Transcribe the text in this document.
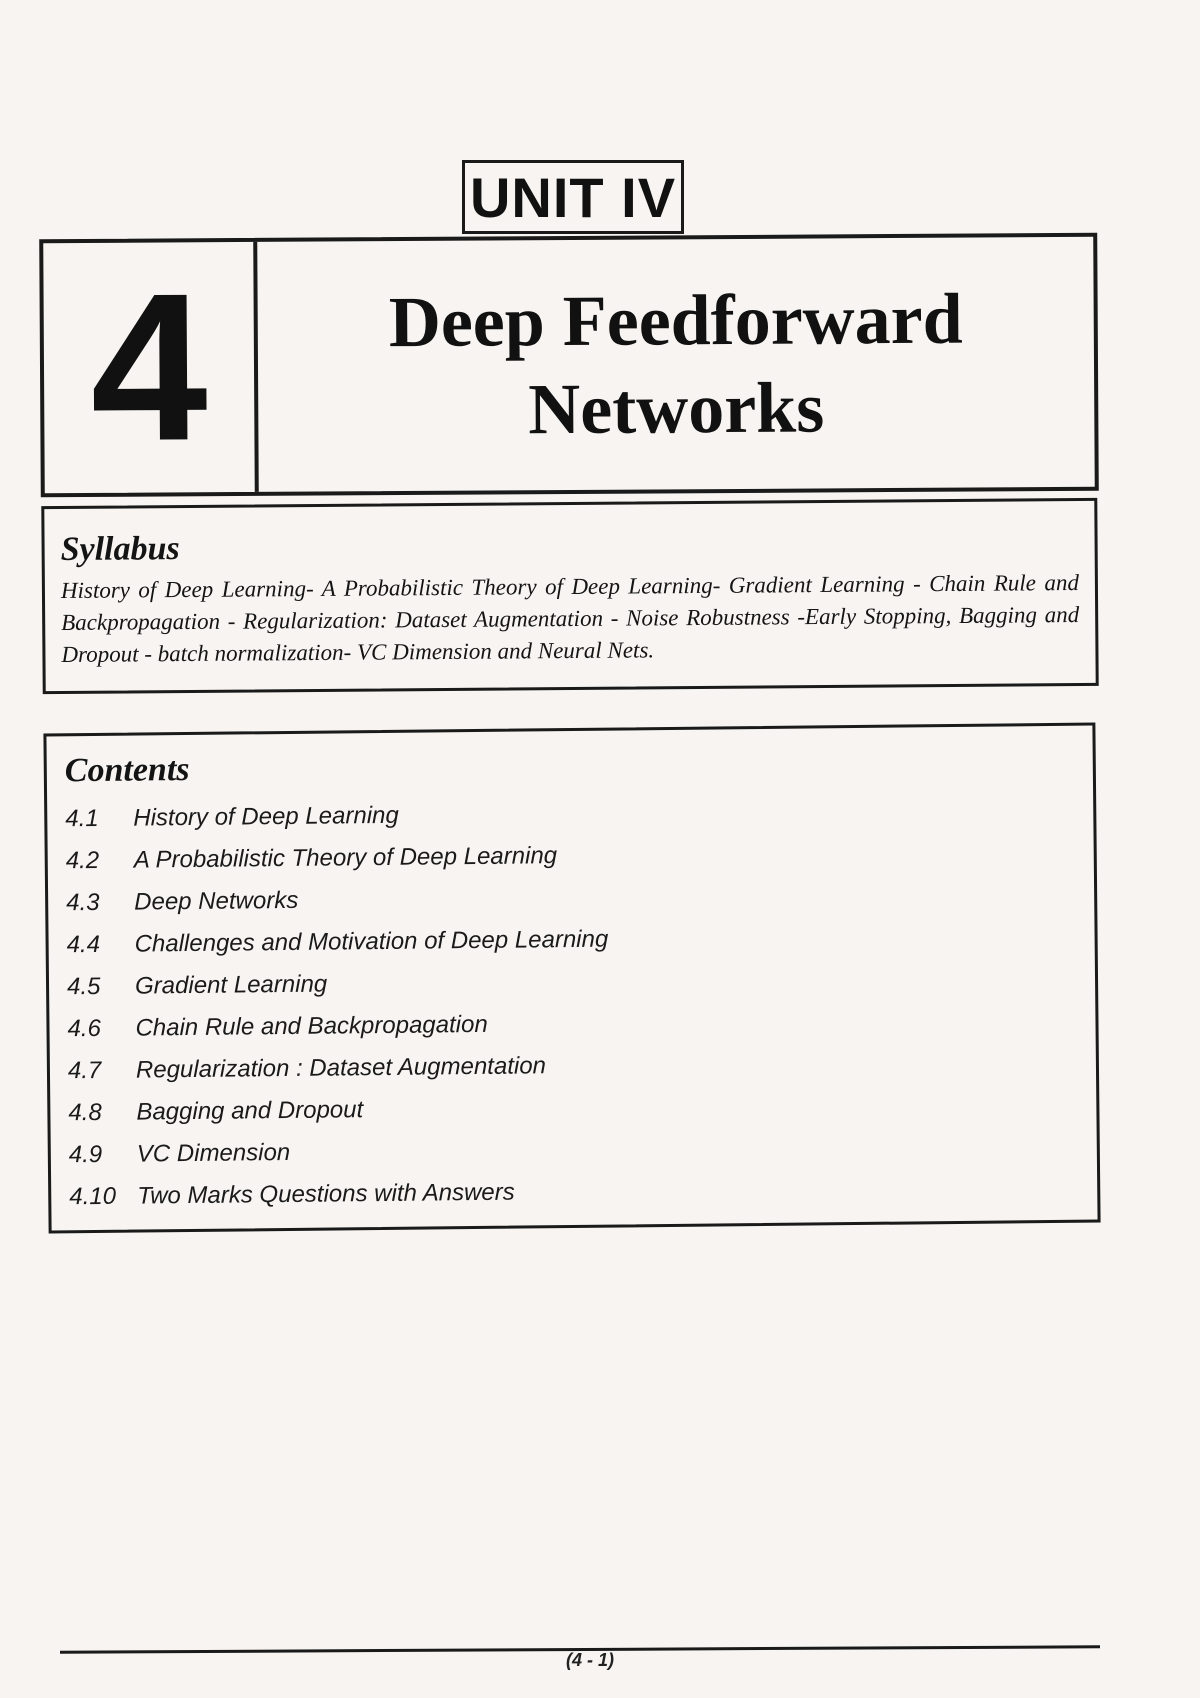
UNIT IV
4	Deep Feedforward
Networks
Syllabus
History of Deep Learning- A Probabilistic Theory of Deep Learning- Gradient Learning - Chain Rule and Backpropagation - Regularization: Dataset Augmentation - Noise Robustness -Early Stopping, Bagging and Dropout - batch normalization- VC Dimension and Neural Nets.
Contents
4.1	History of Deep Learning
4.2	A Probabilistic Theory of Deep Learning
4.3	Deep Networks
4.4	Challenges and Motivation of Deep Learning
4.5	Gradient Learning
4.6	Chain Rule and Backpropagation
4.7	Regularization : Dataset Augmentation
4.8	Bagging and Dropout
4.9	VC Dimension
4.10 Two Marks Questions with Answers
(4 - 1)
